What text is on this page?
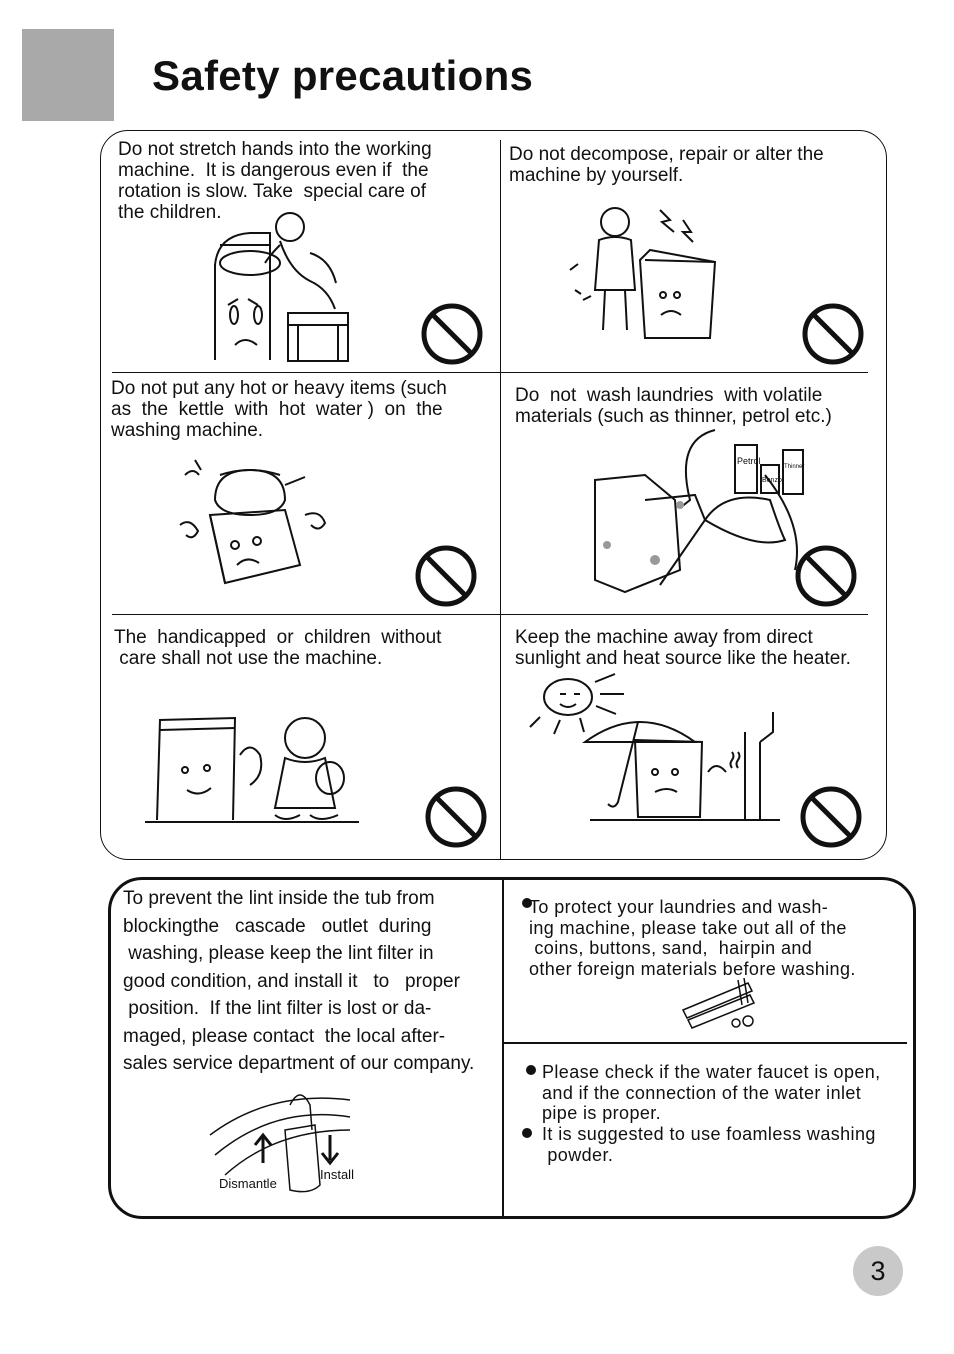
Safety precautions
Do not stretch hands into the working
machine.  It is dangerous even if  the
rotation is slow. Take  special care of
the children.
Do not decompose, repair or alter the
machine by yourself.
Do not put any hot or heavy items (such
as  the  kettle  with  hot  water )  on  the
washing machine.
Do  not  wash laundries  with volatile
materials (such as thinner, petrol etc.)
Petrol
Benzol
Thinner
The  handicapped  or  children  without
care shall not use the machine.
Keep the machine away from direct
sunlight and heat source like the heater.
To prevent the lint inside the tub from
blockingthe   cascade   outlet  during
washing, please keep the lint filter in
good condition, and install it   to   proper
position.  If the lint filter is lost or da-
maged, please contact  the local after-
sales service department of our company.
Dismantle
Install
To protect your laundries and wash-
ing machine, please take out all of the
coins, buttons, sand,  hairpin and
other foreign materials before washing.
Please check if the water faucet is open,
and if the connection of the water inlet
pipe is proper.
It is suggested to use foamless washing
powder.
3
